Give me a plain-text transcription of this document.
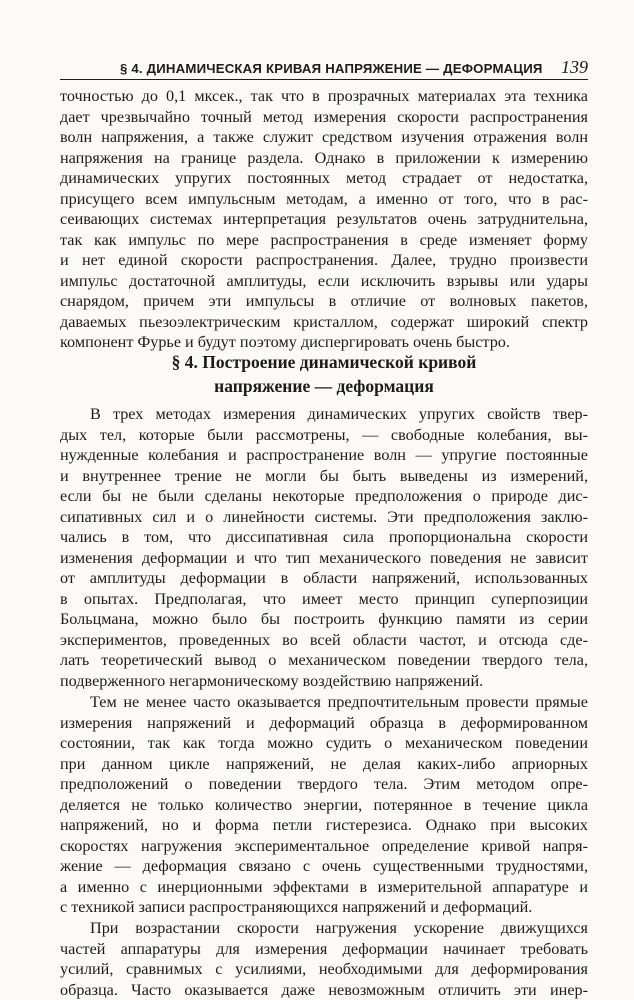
§ 4. ДИНАМИЧЕСКАЯ КРИВАЯ НАПРЯЖЕНИЕ — ДЕФОРМАЦИЯ 139
точностью до 0,1 мксек., так что в прозрачных материалах эта техника
дает чрезвычайно точный метод измерения скорости распространения
волн напряжения, а также служит средством изучения отражения волн
напряжения на границе раздела. Однако в приложении к измерению
динамических упругих постоянных метод страдает от недостатка,
присущего всем импульсным методам, а именно от того, что в рас-
сеивающих системах интерпретация результатов очень затруднительна,
так как импульс по мере распространения в среде изменяет форму
и нет единой скорости распространения. Далее, трудно произвести
импульс достаточной амплитуды, если исключить взрывы или удары
снарядом, причем эти импульсы в отличие от волновых пакетов,
даваемых пьезоэлектрическим кристаллом, содержат широкий спектр
компонент Фурье и будут поэтому диспергировать очень быстро.
§ 4. Построение динамической кривой
напряжение — деформация
В трех методах измерения динамических упругих свойств твер-
дых тел, которые были рассмотрены, — свободные колебания, вы-
нужденные колебания и распространение волн — упругие постоянные
и внутреннее трение не могли бы быть выведены из измерений,
если бы не были сделаны некоторые предположения о природе дис-
сипативных сил и о линейности системы. Эти предположения заклю-
чались в том, что диссипативная сила пропорциональна скорости
изменения деформации и что тип механического поведения не зависит
от амплитуды деформации в области напряжений, использованных
в опытах. Предполагая, что имеет место принцип суперпозиции
Больцмана, можно было бы построить функцию памяти из серии
экспериментов, проведенных во всей области частот, и отсюда сде-
лать теоретический вывод о механическом поведении твердого тела,
подверженного негармоническому воздействию напряжений.
Тем не менее часто оказывается предпочтительным провести прямые
измерения напряжений и деформаций образца в деформированном
состоянии, так как тогда можно судить о механическом поведении
при данном цикле напряжений, не делая каких-либо априорных
предположений о поведении твердого тела. Этим методом опре-
деляется не только количество энергии, потерянное в течение цикла
напряжений, но и форма петли гистерезиса. Однако при высоких
скоростях нагружения экспериментальное определение кривой напря-
жение — деформация связано с очень существенными трудностями,
а именно с инерционными эффектами в измерительной аппаратуре и
с техникой записи распространяющихся напряжений и деформаций.
При возрастании скорости нагружения ускорение движущихся
частей аппаратуры для измерения деформации начинает требовать
усилий, сравнимых с усилиями, необходимыми для деформирования
образца. Часто оказывается даже невозможным отличить эти инер-
